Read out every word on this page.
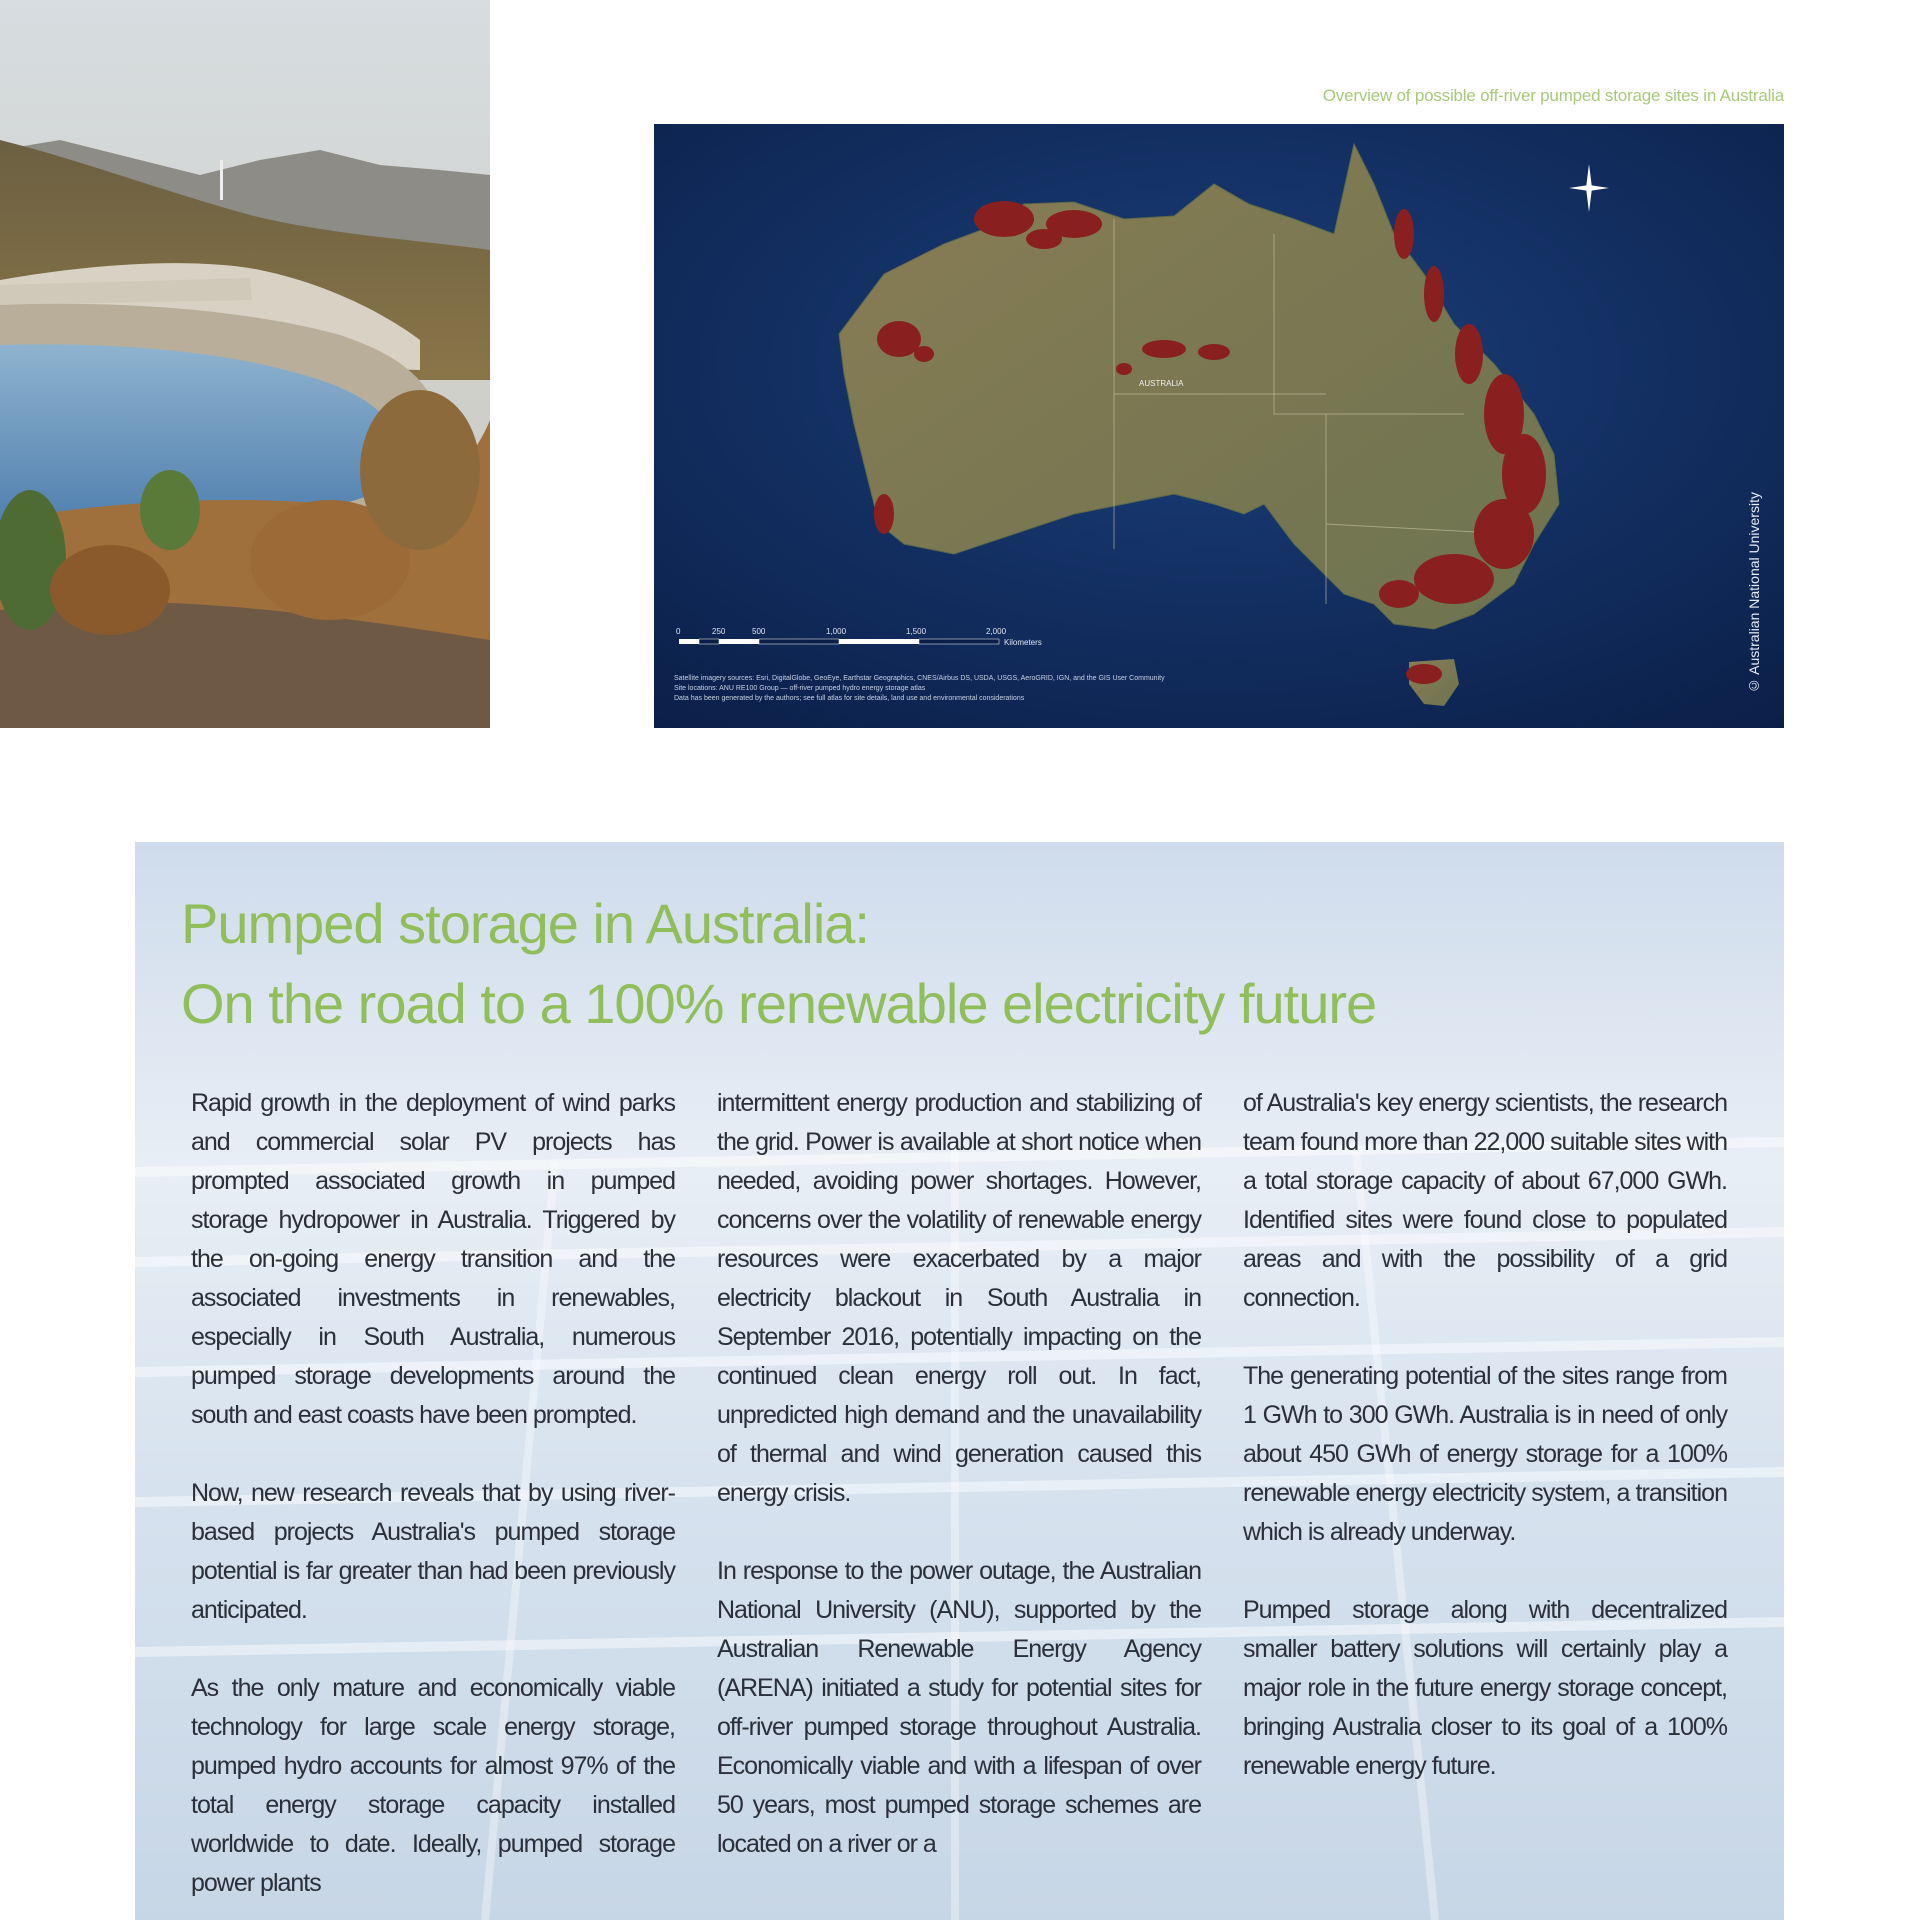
Overview of possible off-river pumped storage sites in Australia
0	250	500	1,000	1,500	2,000
Kilometers
AUSTRALIA
Satellite imagery sources: Esri, DigitalGlobe, GeoEye, Earthstar Geographics, CNES/Airbus DS, USDA, USGS, AeroGRID, IGN, and the GIS User Community
Site locations: ANU RE100 Group — off-river pumped hydro energy storage atlas
Data has been generated by the authors; see full atlas for site details, land use and environmental considerations
© Australian National University
Pumped storage in Australia:
On the road to a 100% renewable electricity future

Rapid growth in the deployment of wind parks and commercial solar PV projects has prompted associated growth in pumped storage hydropower in Australia. Triggered by the on-going energy transition and the associated investments in renewables, especially in South Australia, numerous pumped storage developments around the south and east coasts have been prompted.

Now, new research reveals that by using river-based projects Australia's pumped storage potential is far greater than had been previously anticipated.

As the only mature and economically viable technology for large scale energy storage, pumped hydro accounts for almost 97% of the total energy storage capacity installed worldwide to date. Ideally, pumped storage power plants

intermittent energy production and stabilizing of the grid. Power is available at short notice when needed, avoiding power shortages. However, concerns over the volatility of renewable energy resources were exacerbated by a major electricity blackout in South Australia in September 2016, potentially impacting on the continued clean energy roll out. In fact, unpredicted high demand and the unavailability of thermal and wind generation caused this energy crisis.

In response to the power outage, the Australian National University (ANU), supported by the Australian Renewable Energy Agency (ARENA) initiated a study for potential sites for off-river pumped storage throughout Australia. Economically viable and with a lifespan of over 50 years, most pumped storage schemes are located on a river or a

of Australia's key energy scientists, the research team found more than 22,000 suitable sites with a total storage capacity of about 67,000 GWh. Identified sites were found close to populated areas and with the possibility of a grid connection.

The generating potential of the sites range from 1 GWh to 300 GWh. Australia is in need of only about 450 GWh of energy storage for a 100% renewable energy electricity system, a transition which is already underway.

Pumped storage along with decentralized smaller battery solutions will certainly play a major role in the future energy storage concept, bringing Australia closer to its goal of a 100% renewable energy future.
